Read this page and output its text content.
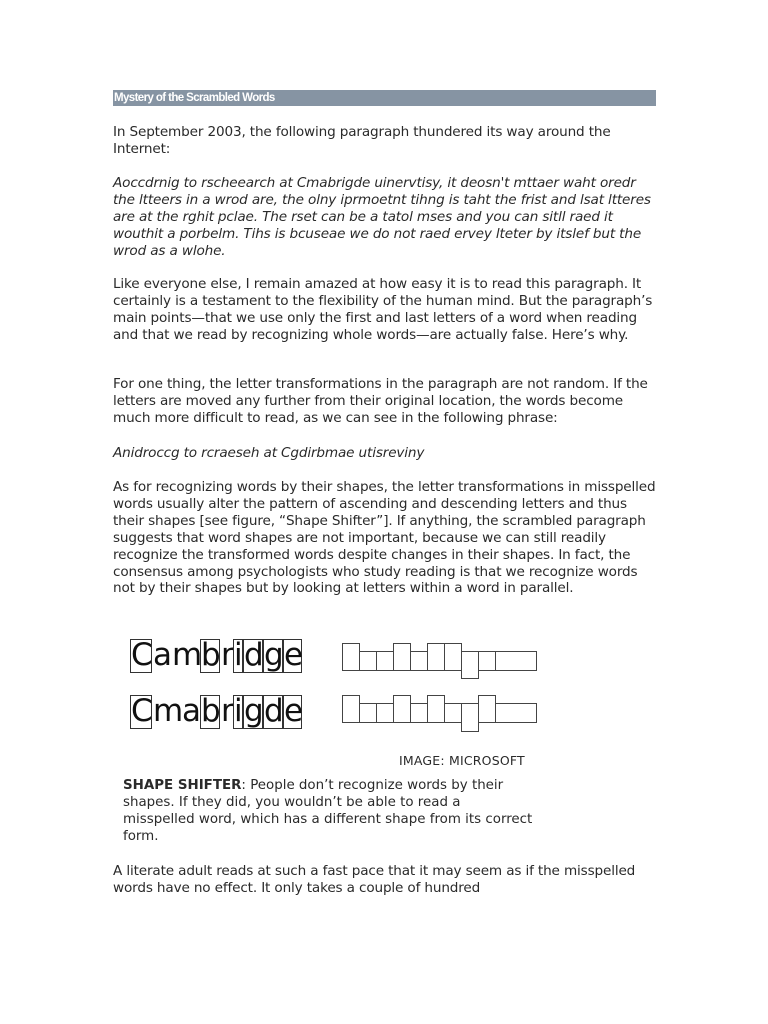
Mystery of the Scrambled Words

In September 2003, the following paragraph thundered its way around the Internet:

Aoccdrnig to rscheearch at Cmabrigde uinervtisy, it deosn't mttaer waht oredr the ltteers in a wrod are, the olny iprmoetnt tihng is taht the frist and lsat ltteres are at the rghit pclae. The rset can be a tatol mses and you can sitll raed it wouthit a porbelm. Tihs is bcuseae we do not raed ervey lteter by itslef but the wrod as a wlohe.

Like everyone else, I remain amazed at how easy it is to read this paragraph. It certainly is a testament to the flexibility of the human mind. But the paragraph’s main points—that we use only the first and last letters of a word when reading and that we read by recognizing whole words—are actually false. Here’s why.

For one thing, the letter transformations in the paragraph are not random. If the letters are moved any further from their original location, the words become much more difficult to read, as we can see in the following phrase:

Anidroccg to rcraeseh at Cgdirbmae utisreviny

As for recognizing words by their shapes, the letter transformations in misspelled words usually alter the pattern of ascending and descending letters and thus their shapes [see figure, “Shape Shifter”]. If anything, the scrambled paragraph suggests that word shapes are not important, because we can still readily recognize the transformed words despite changes in their shapes. In fact, the consensus among psychologists who study reading is that we recognize words not by their shapes but by looking at letters within a word in parallel.

C a m
b r i d g e
C m
a b r i g d e
IMAGE: MICROSOFT

SHAPE SHIFTER: People don’t recognize words by their shapes. If they did, you wouldn’t be able to read a misspelled word, which has a different shape from its correct form.

A literate adult reads at such a fast pace that it may seem as if the misspelled words have no effect. It only takes a couple of hundred
